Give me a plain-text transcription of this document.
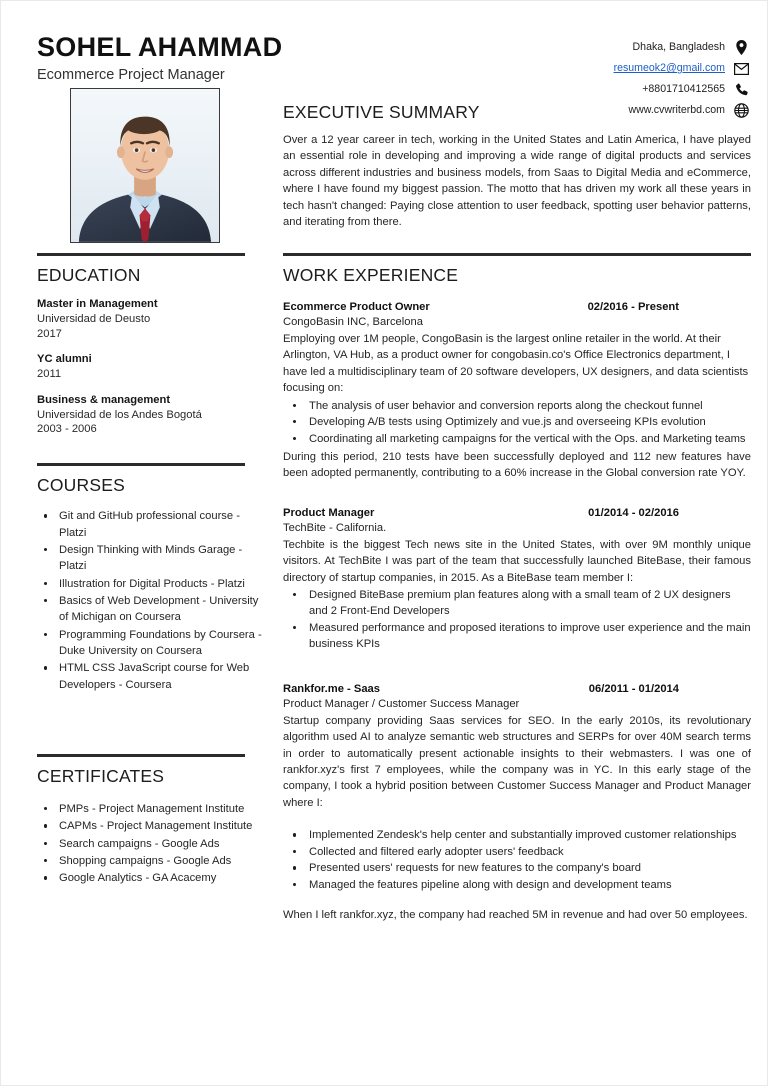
SOHEL AHAMMAD
Ecommerce Project Manager
Dhaka, Bangladesh
resumeok2@gmail.com
+8801710412565
www.cvwriterbd.com
EXECUTIVE SUMMARY
Over a 12 year career in tech, working in the United States and Latin America, I have played an essential role in developing and improving a wide range of digital products and services across different industries and business models, from Saas to Digital Media and eCommerce, where I have found my biggest passion. The motto that has driven my work all these years in tech hasn't changed: Paying close attention to user feedback, spotting user behavior patterns, and iterating from there.
EDUCATION
Master in Management
Universidad de Deusto
2017
YC alumni
2011
Business & management
Universidad de los Andes Bogotá
2003 - 2006
COURSES
Git and GitHub professional course - Platzi
Design Thinking with Minds Garage - Platzi
Illustration for Digital Products - Platzi
Basics of Web Development - University of Michigan on Coursera
Programming Foundations by Coursera - Duke University on Coursera
HTML CSS JavaScript course for Web Developers - Coursera
CERTIFICATES
PMPs - Project Management Institute
CAPMs - Project Management Institute
Search campaigns - Google Ads
Shopping campaigns - Google Ads
Google Analytics - GA Acacemy
WORK EXPERIENCE
Ecommerce Product Owner	02/2016 - Present
CongoBasin INC, Barcelona
Employing over 1M people, CongoBasin is the largest online retailer in the world. At their Arlington, VA Hub, as a product owner for congobasin.co's Office Electronics department, I have led a multidisciplinary team of 20 software developers, UX designers, and data scientists focusing on:
The analysis of user behavior and conversion reports along the checkout funnel
Developing A/B tests using Optimizely and vue.js and overseeing KPIs evolution
Coordinating all marketing campaigns for the vertical with the Ops. and Marketing teams
During this period, 210 tests have been successfully deployed and 112 new features have been adopted permanently, contributing to a 60% increase in the Global conversion rate YOY.
Product Manager	01/2014 - 02/2016
TechBite - California.
Techbite is the biggest Tech news site in the United States, with over 9M monthly unique visitors. At TechBite I was part of the team that successfully launched BiteBase, their famous directory of startup companies, in 2015. As a BiteBase team member I:
Designed BiteBase premium plan features along with a small team of 2 UX designers and 2 Front-End Developers
Measured performance and proposed iterations to improve user experience and the main business KPIs
Rankfor.me - Saas	06/2011 - 01/2014
Product Manager / Customer Success Manager
Startup company providing Saas services for SEO. In the early 2010s, its revolutionary algorithm used AI to analyze semantic web structures and SERPs for over 40M search terms in order to automatically present actionable insights to their webmasters. I was one of rankfor.xyz's first 7 employees, while the company was in YC. In this early stage of the company, I took a hybrid position between Customer Success Manager and Product Manager where I:
Implemented Zendesk's help center and substantially improved customer relationships
Collected and filtered early adopter users' feedback
Presented users' requests for new features to the company's board
Managed the features pipeline along with design and development teams
When I left rankfor.xyz, the company had reached 5M in revenue and had over 50 employees.
